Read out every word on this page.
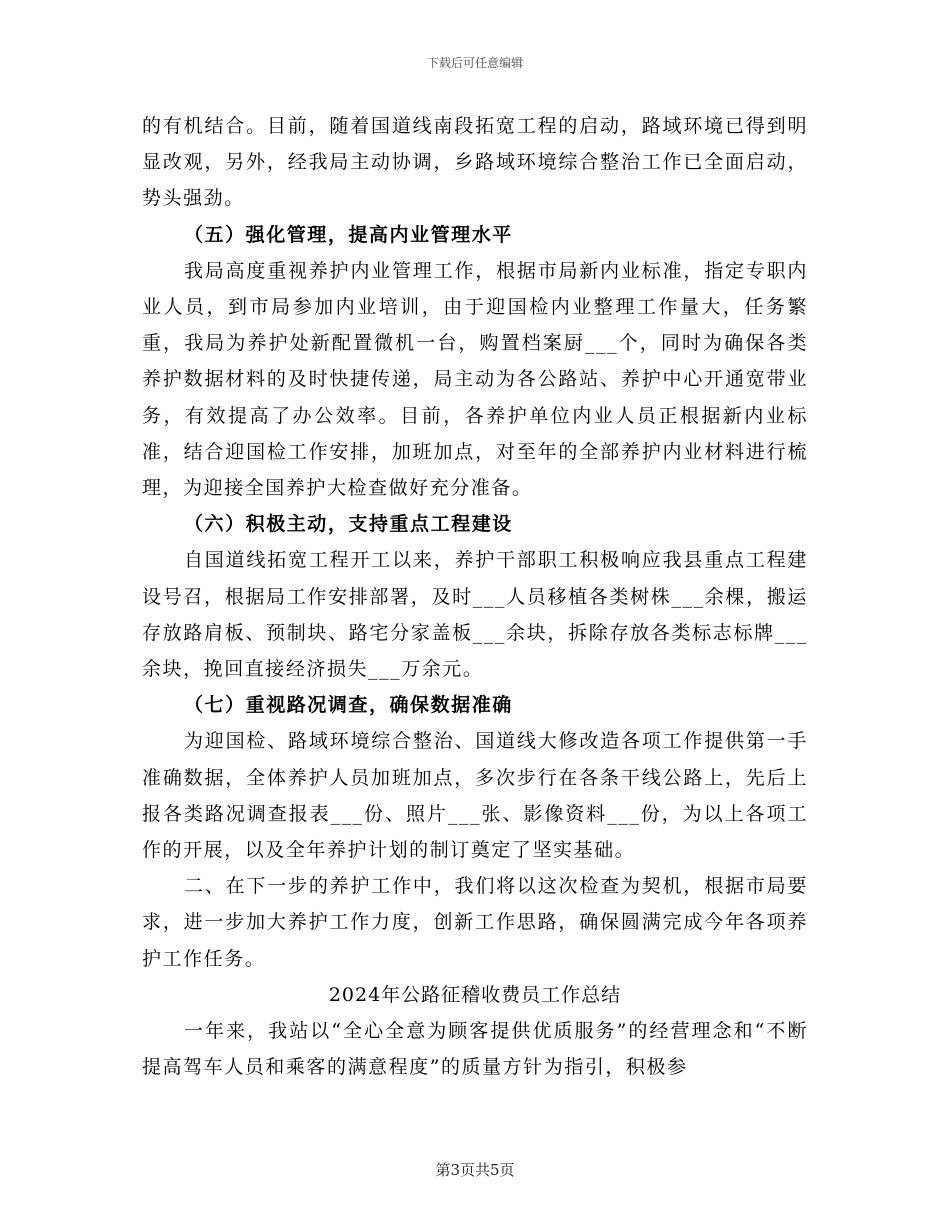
下载后可任意编辑

的有机结合。目前，随着国道线南段拓宽工程的启动，路域环境已得到明显改观，另外，经我局主动协调，乡路域环境综合整治工作已全面启动，势头强劲。

（五）强化管理，提高内业管理水平

我局高度重视养护内业管理工作，根据市局新内业标准，指定专职内业人员，到市局参加内业培训，由于迎国检内业整理工作量大，任务繁重，我局为养护处新配置微机一台，购置档案厨___个，同时为确保各类养护数据材料的及时快捷传递，局主动为各公路站、养护中心开通宽带业务，有效提高了办公效率。目前，各养护单位内业人员正根据新内业标准，结合迎国检工作安排，加班加点，对至年的全部养护内业材料进行梳理，为迎接全国养护大检查做好充分准备。

（六）积极主动，支持重点工程建设

自国道线拓宽工程开工以来，养护干部职工积极响应我县重点工程建设号召，根据局工作安排部署，及时___人员移植各类树株___余棵，搬运存放路肩板、预制块、路宅分家盖板___余块，拆除存放各类标志标牌___余块，挽回直接经济损失___万余元。

（七）重视路况调查，确保数据准确

为迎国检、路域环境综合整治、国道线大修改造各项工作提供第一手准确数据，全体养护人员加班加点，多次步行在各条干线公路上，先后上报各类路况调查报表___份、照片___张、影像资料___份，为以上各项工作的开展，以及全年养护计划的制订奠定了坚实基础。

二、在下一步的养护工作中，我们将以这次检查为契机，根据市局要求，进一步加大养护工作力度，创新工作思路，确保圆满完成今年各项养护工作任务。

2024年公路征稽收费员工作总结

一年来，我站以“全心全意为顾客提供优质服务”的经营理念和“不断提高驾车人员和乘客的满意程度”的质量方针为指引，积极参

第3页共5页
